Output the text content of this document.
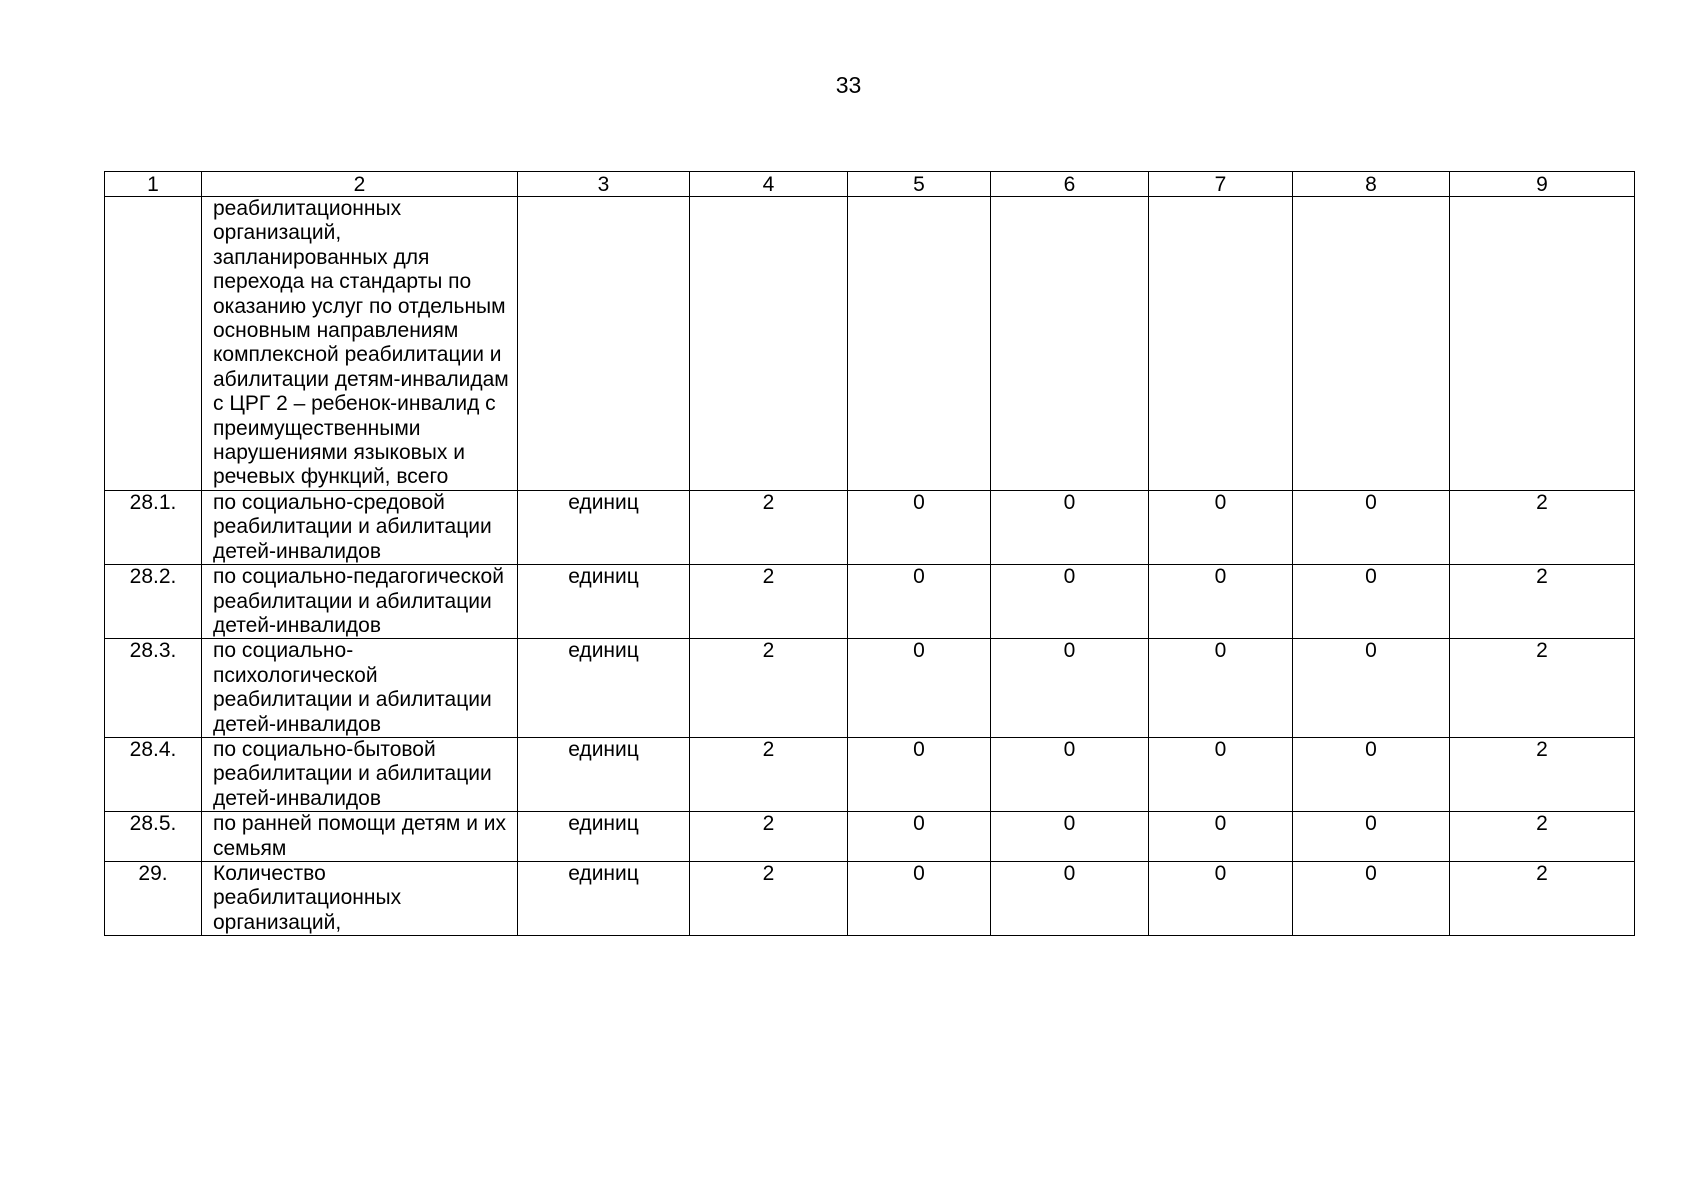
33
1	2	3	4	5	6	7	8	9
	реабилитационных организаций, запланированных для перехода на стандарты по оказанию услуг по отдельным основным направлениям комплексной реабилитации и абилитации детям-инвалидам с ЦРГ 2 – ребенок-инвалид с преимущественными нарушениями языковых и речевых функций, всего							
28.1.	по социально-средовой реабилитации и абилитации детей-инвалидов	единиц	2	0	0	0	0	2
28.2.	по социально-педагогической реабилитации и абилитации детей-инвалидов	единиц	2	0	0	0	0	2
28.3.	по социально-психологической реабилитации и абилитации детей-инвалидов	единиц	2	0	0	0	0	2
28.4.	по социально-бытовой реабилитации и абилитации детей-инвалидов	единиц	2	0	0	0	0	2
28.5.	по ранней помощи детям и их семьям	единиц	2	0	0	0	0	2
29.	Количество реабилитационных организаций,	единиц	2	0	0	0	0	2
